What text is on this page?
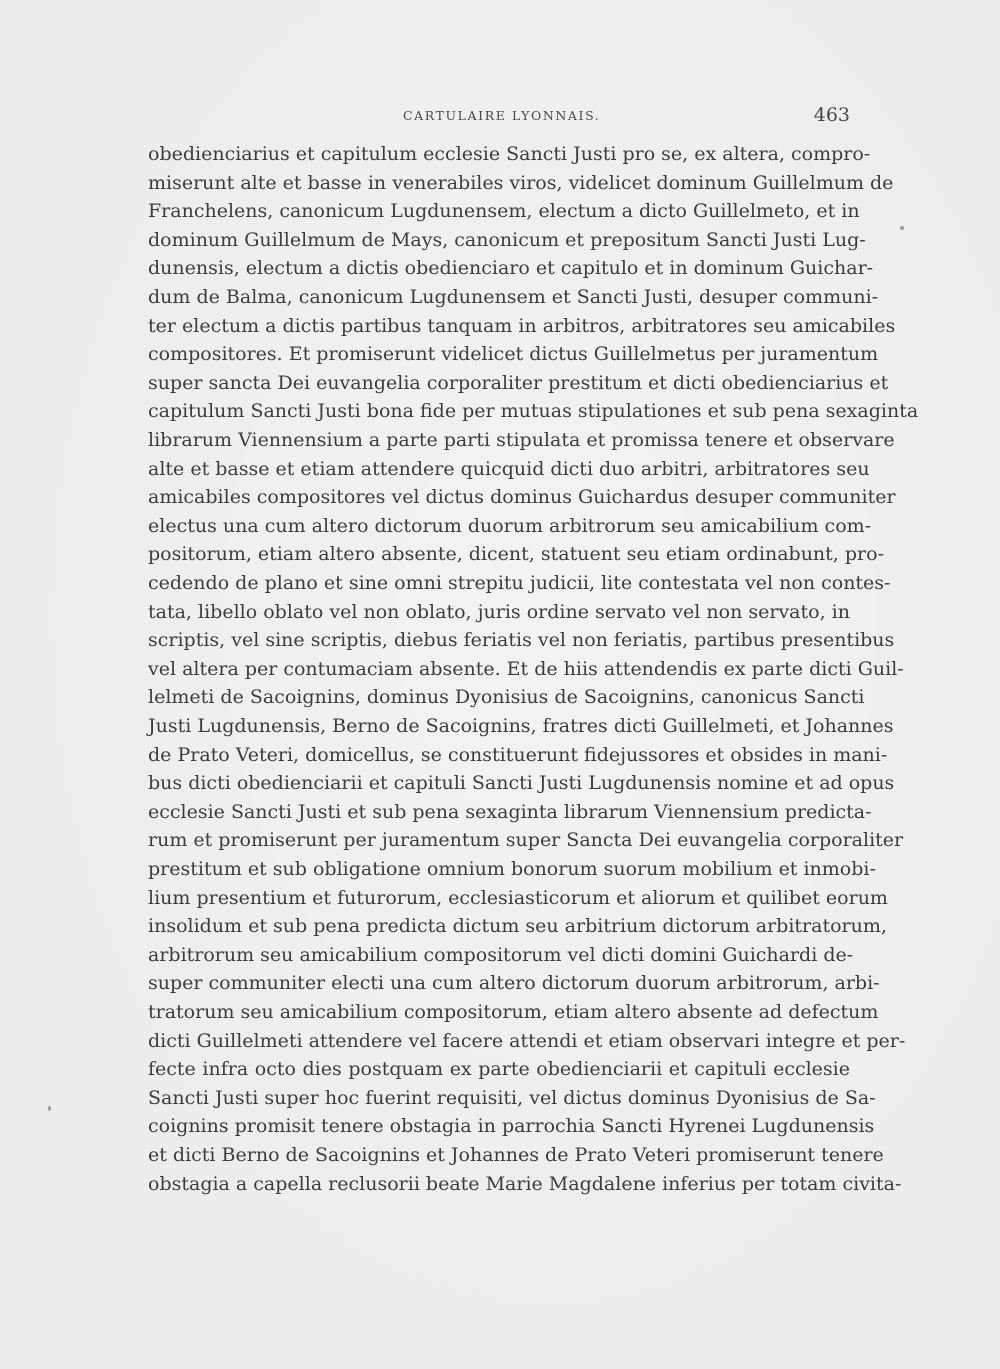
CARTULAIRE LYONNAIS.	463
obedienciarius et capitulum ecclesie Sancti Justi pro se, ex altera, compro-
miserunt alte et basse in venerabiles viros, videlicet dominum Guillelmum de
Franchelens, canonicum Lugdunensem, electum a dicto Guillelmeto, et in
dominum Guillelmum de Mays, canonicum et prepositum Sancti Justi Lug-
dunensis, electum a dictis obedienciaro et capitulo et in dominum Guichar-
dum de Balma, canonicum Lugdunensem et Sancti Justi, desuper communi-
ter electum a dictis partibus tanquam in arbitros, arbitratores seu amicabiles
compositores. Et promiserunt videlicet dictus Guillelmetus per juramentum
super sancta Dei euvangelia corporaliter prestitum et dicti obedienciarius et
capitulum Sancti Justi bona fide per mutuas stipulationes et sub pena sexaginta
librarum Viennensium a parte parti stipulata et promissa tenere et observare
alte et basse et etiam attendere quicquid dicti duo arbitri, arbitratores seu
amicabiles compositores vel dictus dominus Guichardus desuper communiter
electus una cum altero dictorum duorum arbitrorum seu amicabilium com-
positorum, etiam altero absente, dicent, statuent seu etiam ordinabunt, pro-
cedendo de plano et sine omni strepitu judicii, lite contestata vel non contes-
tata, libello oblato vel non oblato, juris ordine servato vel non servato, in
scriptis, vel sine scriptis, diebus feriatis vel non feriatis, partibus presentibus
vel altera per contumaciam absente. Et de hiis attendendis ex parte dicti Guil-
lelmeti de Sacoignins, dominus Dyonisius de Sacoignins, canonicus Sancti
Justi Lugdunensis, Berno de Sacoignins, fratres dicti Guillelmeti, et Johannes
de Prato Veteri, domicellus, se constituerunt fidejussores et obsides in mani-
bus dicti obedienciarii et capituli Sancti Justi Lugdunensis nomine et ad opus
ecclesie Sancti Justi et sub pena sexaginta librarum Viennensium predicta-
rum et promiserunt per juramentum super Sancta Dei euvangelia corporaliter
prestitum et sub obligatione omnium bonorum suorum mobilium et inmobi-
lium presentium et futurorum, ecclesiasticorum et aliorum et quilibet eorum
insolidum et sub pena predicta dictum seu arbitrium dictorum arbitratorum,
arbitrorum seu amicabilium compositorum vel dicti domini Guichardi de-
super communiter electi una cum altero dictorum duorum arbitrorum, arbi-
tratorum seu amicabilium compositorum, etiam altero absente ad defectum
dicti Guillelmeti attendere vel facere attendi et etiam observari integre et per-
fecte infra octo dies postquam ex parte obedienciarii et capituli ecclesie
Sancti Justi super hoc fuerint requisiti, vel dictus dominus Dyonisius de Sa-
coignins promisit tenere obstagia in parrochia Sancti Hyrenei Lugdunensis
et dicti Berno de Sacoignins et Johannes de Prato Veteri promiserunt tenere
obstagia a capella reclusorii beate Marie Magdalene inferius per totam civita-
